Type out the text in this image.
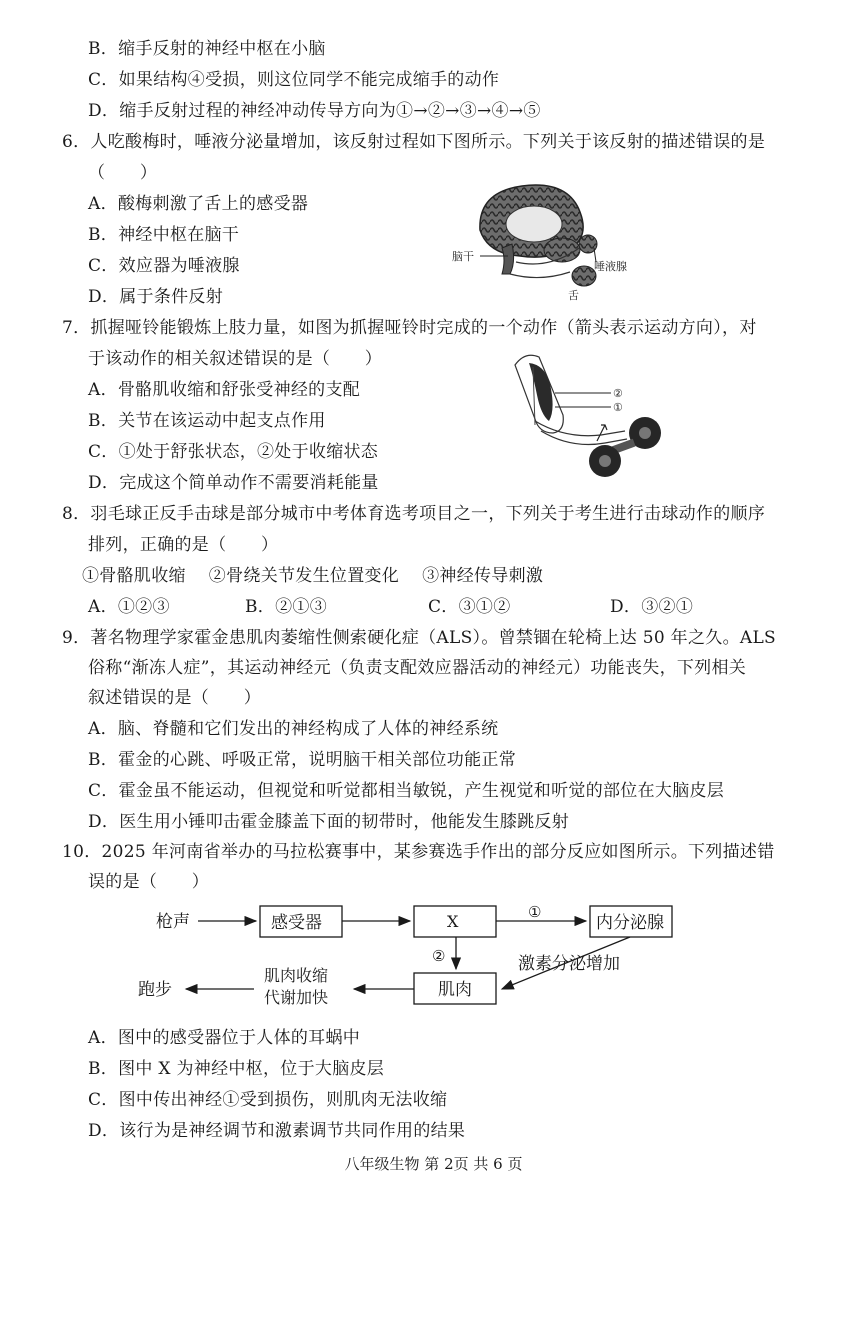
B．缩手反射的神经中枢在小脑
C．如果结构④受损，则这位同学不能完成缩手的动作
D．缩手反射过程的神经冲动传导方向为①→②→③→④→⑤
6．人吃酸梅时，唾液分泌量增加，该反射过程如下图所示。下列关于该反射的描述错误的是
（　　）
A．酸梅刺激了舌上的感受器
B．神经中枢在脑干
C．效应器为唾液腺
D．属于条件反射
脑干
唾液腺
舌
7．抓握哑铃能锻炼上肢力量，如图为抓握哑铃时完成的一个动作（箭头表示运动方向），对
于该动作的相关叙述错误的是（　　）
A．骨骼肌收缩和舒张受神经的支配
B．关节在该运动中起支点作用
C．①处于舒张状态，②处于收缩状态
D．完成这个简单动作不需要消耗能量
②
①
8．羽毛球正反手击球是部分城市中考体育选考项目之一，下列关于考生进行击球动作的顺序
排列，正确的是（　　）
①骨骼肌收缩　 ②骨绕关节发生位置变化　 ③神经传导刺激
A．①②③	B．②①③	C．③①②	D．③②①
9．著名物理学家霍金患肌肉萎缩性侧索硬化症（ALS）。曾禁锢在轮椅上达 50 年之久。ALS
俗称“渐冻人症”，其运动神经元（负责支配效应器活动的神经元）功能丧失，下列相关
叙述错误的是（　　）
A．脑、脊髓和它们发出的神经构成了人体的神经系统
B．霍金的心跳、呼吸正常，说明脑干相关部位功能正常
C．霍金虽不能运动，但视觉和听觉都相当敏锐，产生视觉和听觉的部位在大脑皮层
D．医生用小锤叩击霍金膝盖下面的韧带时，他能发生膝跳反射
10．2025 年河南省举办的马拉松赛事中，某参赛选手作出的部分反应如图所示。下列描述错
误的是（　　）
枪声	感受器	X	①
内分泌腺
②	激素分泌增加
肌肉
肌肉收缩
代谢加快
跑步
A．图中的感受器位于人体的耳蜗中
B．图中 X 为神经中枢，位于大脑皮层
C．图中传出神经①受到损伤，则肌肉无法收缩
D．该行为是神经调节和激素调节共同作用的结果
八年级生物 第 2页 共 6 页
